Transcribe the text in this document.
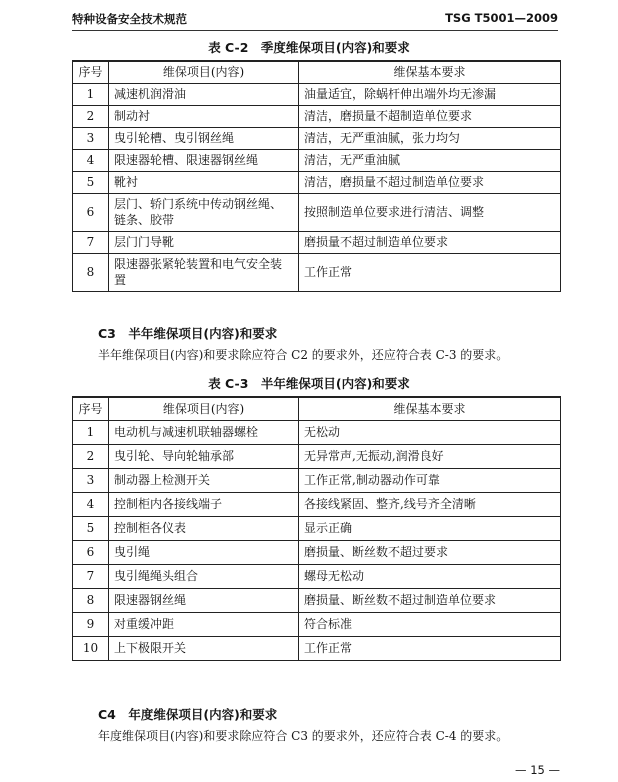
特种设备安全技术规范	TSG T5001—2009
表 C-2　季度维保项目(内容)和要求
序号	维保项目(内容)	维保基本要求
1	减速机润滑油	油量适宜，除蜗杆伸出端外均无渗漏
2	制动衬	清洁，磨损量不超制造单位要求
3	曳引轮槽、曳引钢丝绳	清洁，无严重油腻，张力均匀
4	限速器轮槽、限速器钢丝绳	清洁，无严重油腻
5	靴衬	清洁，磨损量不超过制造单位要求
6	层门、轿门系统中传动钢丝绳、链条、胶带	按照制造单位要求进行清洁、调整
7	层门门导靴	磨损量不超过制造单位要求
8	限速器张紧轮装置和电气安全装置	工作正常
C3　半年维保项目(内容)和要求
半年维保项目(内容)和要求除应符合 C2 的要求外，还应符合表 C-3 的要求。
表 C-3　半年维保项目(内容)和要求
序号	维保项目(内容)	维保基本要求
1	电动机与减速机联轴器螺栓	无松动
2	曳引轮、导向轮轴承部	无异常声,无振动,润滑良好
3	制动器上检测开关	工作正常,制动器动作可靠
4	控制柜内各接线端子	各接线紧固、整齐,线号齐全清晰
5	控制柜各仪表	显示正确
6	曳引绳	磨损量、断丝数不超过要求
7	曳引绳绳头组合	螺母无松动
8	限速器钢丝绳	磨损量、断丝数不超过制造单位要求
9	对重缓冲距	符合标准
10	上下极限开关	工作正常
C4　年度维保项目(内容)和要求
年度维保项目(内容)和要求除应符合 C3 的要求外，还应符合表 C-4 的要求。
— 15 —
